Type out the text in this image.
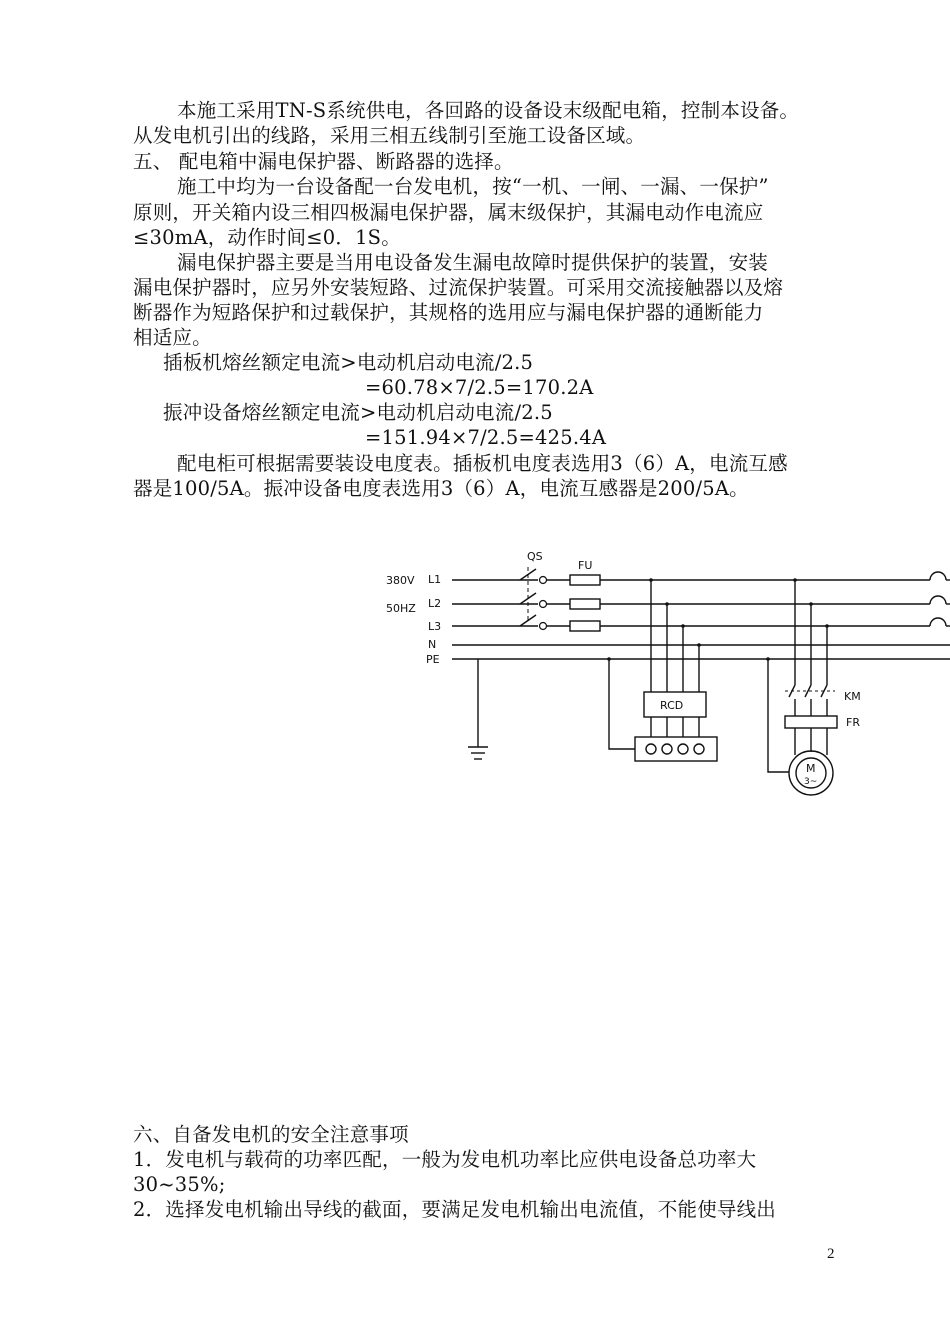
本施工采用TN-S系统供电，各回路的设备设末级配电箱，控制本设备。
从发电机引出的线路，采用三相五线制引至施工设备区域。
五、 配电箱中漏电保护器、断路器的选择。
施工中均为一台设备配一台发电机，按“一机、一闸、一漏、一保护”
原则，开关箱内设三相四极漏电保护器，属末级保护，其漏电动作电流应
≤30mA，动作时间≤0．1S。
漏电保护器主要是当用电设备发生漏电故障时提供保护的装置，安装
漏电保护器时，应另外安装短路、过流保护装置。可采用交流接触器以及熔
断器作为短路保护和过载保护，其规格的选用应与漏电保护器的通断能力
相适应。
插板机熔丝额定电流>电动机启动电流/2.5
=60.78×7/2.5=170.2A
振冲设备熔丝额定电流>电动机启动电流/2.5
=151.94×7/2.5=425.4A
配电柜可根据需要装设电度表。插板机电度表选用3（6）A，电流互感
器是100/5A。振冲设备电度表选用3（6）A，电流互感器是200/5A。
六、自备发电机的安全注意事项
1．发电机与载荷的功率匹配，一般为发电机功率比应供电设备总功率大
30~35%;
2．选择发电机输出导线的截面，要满足发电机输出电流值，不能使导线出
380V
50HZ
L1
L2
L3
N
PE
QS
FU
RCD
KM
FR
M
3~
2
